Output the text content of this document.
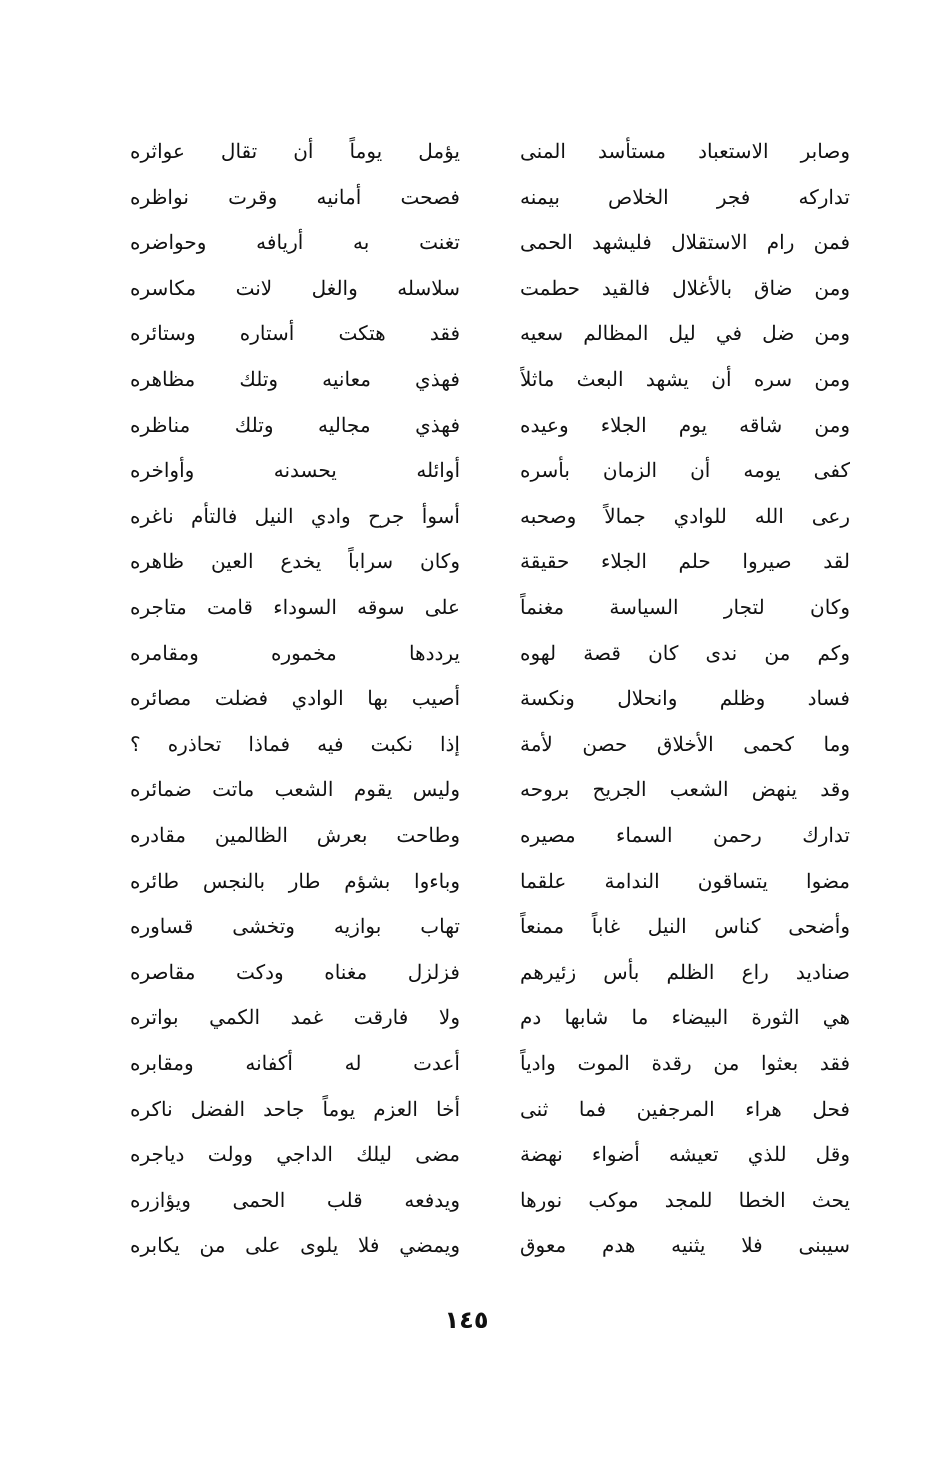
وصابر الاستعباد مستأسد المنى
يؤمل يوماً أن تقال عواثره
تداركه فجر الخلاص بيمنه
فصحت أمانيه وقرت نواظره
فمن رام الاستقلال فليشهد الحمى
تغنت به أريافه وحواضره
ومن ضاق بالأغلال فالقيد حطمت
سلاسله والغل لانت مكاسره
ومن ضل في ليل المظالم سعيه
فقد هتكت أستاره وستائره
ومن سره أن يشهد البعث ماثلاً
فهذي معانيه وتلك مظاهره
ومن شاقه يوم الجلاء وعيده
فهذي مجاليه وتلك مناظره
كفى يومه أن الزمان بأسره
أوائله يحسدنه وأواخره
رعى الله للوادي جمالاً وصحبه
أسوأ جرح وادي النيل فالتأم ناغره
لقد صيروا حلم الجلاء حقيقة
وكان سراباً يخدع العين ظاهره
وكان لتجار السياسة مغنماً
على سوقه السوداء قامت متاجره
وكم من ندى كان قصة لهوه
يرددها مخموره ومقامره
فساد وظلم وانحلال ونكسة
أصيب بها الوادي فضلت مصائره
وما كحمى الأخلاق حصن لأمة
إذا نكبت فيه فماذا تحاذره ؟
وقد ينهض الشعب الجريح بروحه
وليس يقوم الشعب ماتت ضمائره
تدارك رحمن السماء مصيره
وطاحت بعرش الظالمين مقادره
مضوا يتساقون الندامة علقما
وباءوا بشؤم طار بالنجس طائره
وأضحى كناس النيل غاباً ممنعاً
تهاب بوازيه وتخشى قساوره
صناديد راع الظلم بأس زئيرهم
فزلزل مغناه ودكت مقاصره
هي الثورة البيضاء ما شابها دم
ولا فارقت غمد الكمي بواتره
فقد بعثوا من رقدة الموت وادياً
أعدت له أكفانه ومقابره
فحل هراء المرجفين فما ثنى
أخا العزم يوماً جاحد الفضل ناكره
وقل للذي تعيشه أضواء نهضة
مضى ليلك الداجي وولت دياجره
يحث الخطا للمجد موكب نورها
ويدفعه قلب الحمى ويؤازره
سيبنى فلا يثنيه هدم معوق
ويمضي فلا يلوى على من يكابره
١٤٥
